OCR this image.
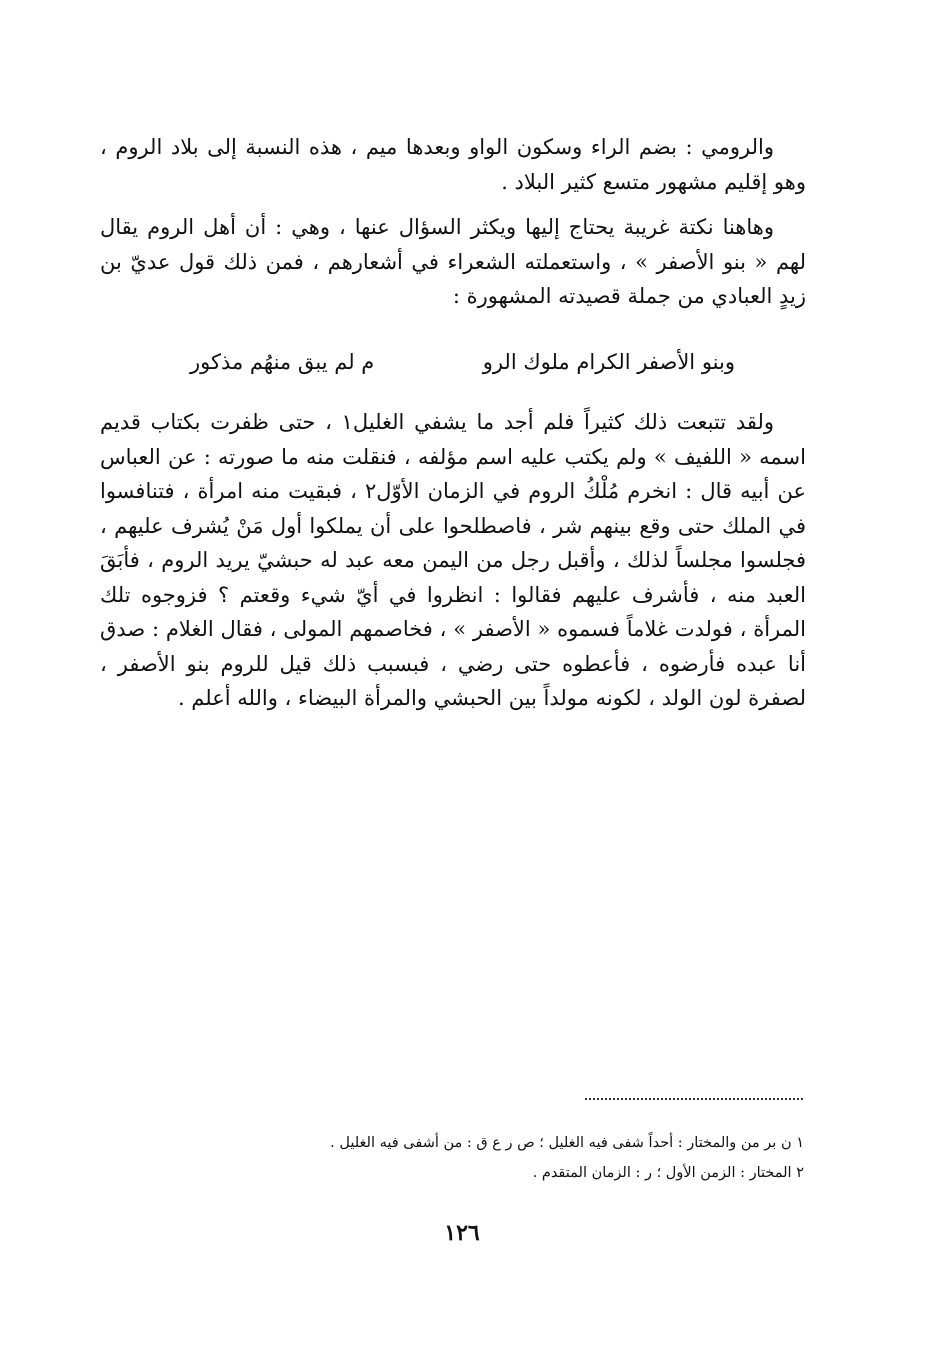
والرومي : بضم الراء وسكون الواو وبعدها ميم ، هذه النسبة إلى بلاد الروم ، وهو إقليم مشهور متسع كثير البلاد .

وهاهنا نكتة غريبة يحتاج إليها ويكثر السؤال عنها ، وهي : أن أهل الروم يقال لهم « بنو الأصفر » ، واستعملته الشعراء في أشعارهم ، فمن ذلك قول عديّ بن زيدٍ العبادي من جملة قصيدته المشهورة :

وبنو الأصفر الكرام ملوك الرو
م لم يبق منهُم مذكور

ولقد تتبعت ذلك كثيراً فلم أجد ما يشفي الغليل١ ، حتى ظفرت بكتاب قديم اسمه « اللفيف » ولم يكتب عليه اسم مؤلفه ، فنقلت منه ما صورته : عن العباس عن أبيه قال : انخرم مُلْكُ الروم في الزمان الأوّل٢ ، فبقيت منه امرأة ، فتنافسوا في الملك حتى وقع بينهم شر ، فاصطلحوا على أن يملكوا أول مَنْ يُشرف عليهم ، فجلسوا مجلساً لذلك ، وأقبل رجل من اليمن معه عبد له حبشيّ يريد الروم ، فأبَقَ العبد منه ، فأشرف عليهم فقالوا : انظروا في أيّ شيء وقعتم ؟ فزوجوه تلك المرأة ، فولدت غلاماً فسموه « الأصفر » ، فخاصمهم المولى ، فقال الغلام : صدق أنا عبده فأرضوه ، فأعطوه حتى رضي ، فبسبب ذلك قيل للروم بنو الأصفر ، لصفرة لون الولد ، لكونه مولداً بين الحبشي والمرأة البيضاء ، والله أعلم .

١ ن بر من والمختار : أحداً شفى فيه الغليل ؛ ص ر ع ق : من أشفى فيه الغليل .
٢ المختار : الزمن الأول ؛ ر : الزمان المتقدم .
١٢٦
